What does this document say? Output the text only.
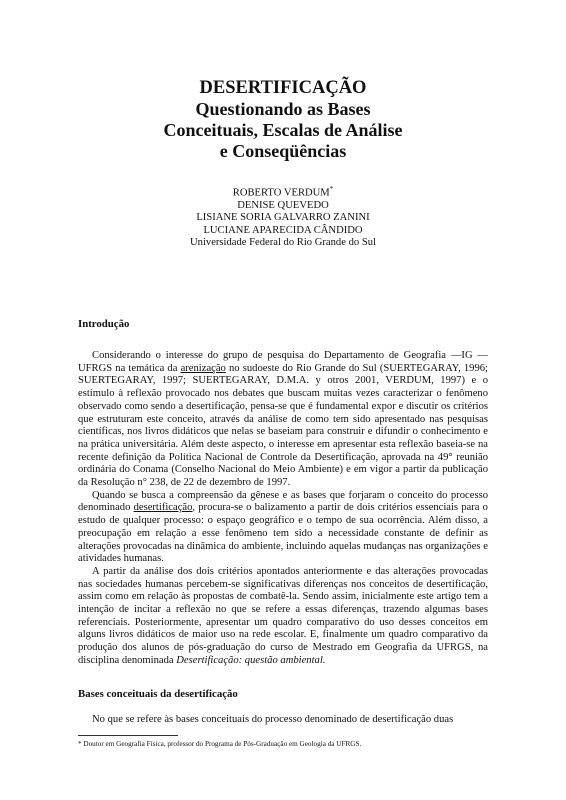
DESERTIFICAÇÃO
Questionando as Bases
Conceituais, Escalas de Análise
e Conseqüências
ROBERTO VERDUM*
DENISE QUEVEDO
LISIANE SORIA GALVARRO ZANINI
LUCIANE APARECIDA CÂNDIDO
Universidade Federal do Rio Grande do Sul
Introdução

Considerando o interesse do grupo de pesquisa do Departamento de Geografia —IG — UFRGS na temática da arenização no sudoeste do Rio Grande do Sul (SUERTEGARAY, 1996; SUERTEGARAY, 1997; SUERTEGARAY, D.M.A. y otros 2001, VERDUM, 1997) e o estímulo à reflexão provocado nos debates que buscam muitas vezes caracterizar o fenômeno observado como sendo a desertificação, pensa-se que é fundamental expor e discutir os critérios que estruturam este conceito, através da análise de como tem sido apresentado nas pesquisas científicas, nos livros didáticos que nelas se baseiam para construir e difundir o conhecimento e na prática universitária. Além deste aspecto, o interesse em apresentar esta reflexão baseia-se na recente definição da Política Nacional de Controle da Desertificação, aprovada na 49° reunião ordinária do Conama (Conselho Nacional do Meio Ambiente) e em vigor a partir da publicação da Resolução n° 238, de 22 de dezembro de 1997.

Quando se busca a compreensão da gênese e as bases que forjaram o conceito do processo denominado desertificação, procura-se o balizamento a partir de dois critérios essenciais para o estudo de qualquer processo: o espaço geográfico e o tempo de sua ocorrência. Além disso, a preocupação em relação a esse fenômeno tem sido a necessidade constante de definir as alterações provocadas na dinâmica do ambiente, incluindo aquelas mudanças nas organizações e atividades humanas.

A partir da análise dos dois critérios apontados anteriormente e das alterações provocadas nas sociedades humanas percebem-se significativas diferenças nos conceitos de desertificação, assim como em relação às propostas de combatê-la. Sendo assim, inicialmente este artigo tem a intenção de incitar a reflexão no que se refere a essas diferenças, trazendo algumas bases referenciais. Posteriormente, apresentar um quadro comparativo do uso desses conceitos em alguns livros didáticos de maior uso na rede escolar. E, finalmente um quadro comparativo da produção dos alunos de pós-graduação do curso de Mestrado em Geografia da UFRGS, na disciplina denominada Desertificação: questão ambiental.

Bases conceituais da desertificação

No que se refere às bases conceituais do processo denominado de desertificação duas

* Doutor em Geografia Física, professor do Programa de Pós-Graduação em Geologia da UFRGS.
